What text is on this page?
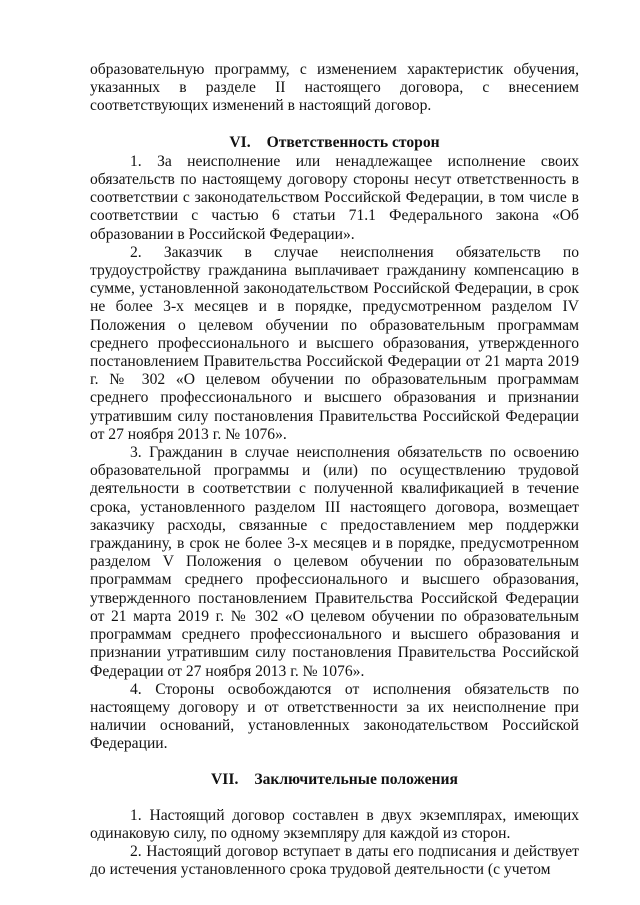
образовательную программу, с изменением характеристик обучения, указанных в разделе II настоящего договора, с внесением соответствующих изменений в настоящий договор.

VI. Ответственность сторон

1. За неисполнение или ненадлежащее исполнение своих обязательств по настоящему договору стороны несут ответственность в соответствии с законодательством Российской Федерации, в том числе в соответствии с частью 6 статьи 71.1 Федерального закона «Об образовании в Российской Федерации».

2. Заказчик в случае неисполнения обязательств по трудоустройству гражданина выплачивает гражданину компенсацию в сумме, установленной законодательством Российской Федерации, в срок не более 3-х месяцев и в порядке, предусмотренном разделом IV Положения о целевом обучении по образовательным программам среднего профессионального и высшего образования, утвержденного постановлением Правительства Российской Федерации от 21 марта 2019 г. № 302 «О целевом обучении по образовательным программам среднего профессионального и высшего образования и признании утратившим силу постановления Правительства Российской Федерации от 27 ноября 2013 г. № 1076».

3. Гражданин в случае неисполнения обязательств по освоению образовательной программы и (или) по осуществлению трудовой деятельности в соответствии с полученной квалификацией в течение срока, установленного разделом III настоящего договора, возмещает заказчику расходы, связанные с предоставлением мер поддержки гражданину, в срок не более 3-х месяцев и в порядке, предусмотренном разделом V Положения о целевом обучении по образовательным программам среднего профессионального и высшего образования, утвержденного постановлением Правительства Российской Федерации от 21 марта 2019 г. № 302 «О целевом обучении по образовательным программам среднего профессионального и высшего образования и признании утратившим силу постановления Правительства Российской Федерации от 27 ноября 2013 г. № 1076».

4. Стороны освобождаются от исполнения обязательств по настоящему договору и от ответственности за их неисполнение при наличии оснований, установленных законодательством Российской Федерации.

VII. Заключительные положения

1. Настоящий договор составлен в двух экземплярах, имеющих одинаковую силу, по одному экземпляру для каждой из сторон.

2. Настоящий договор вступает в даты его подписания и действует до истечения установленного срока трудовой деятельности (с учетом
